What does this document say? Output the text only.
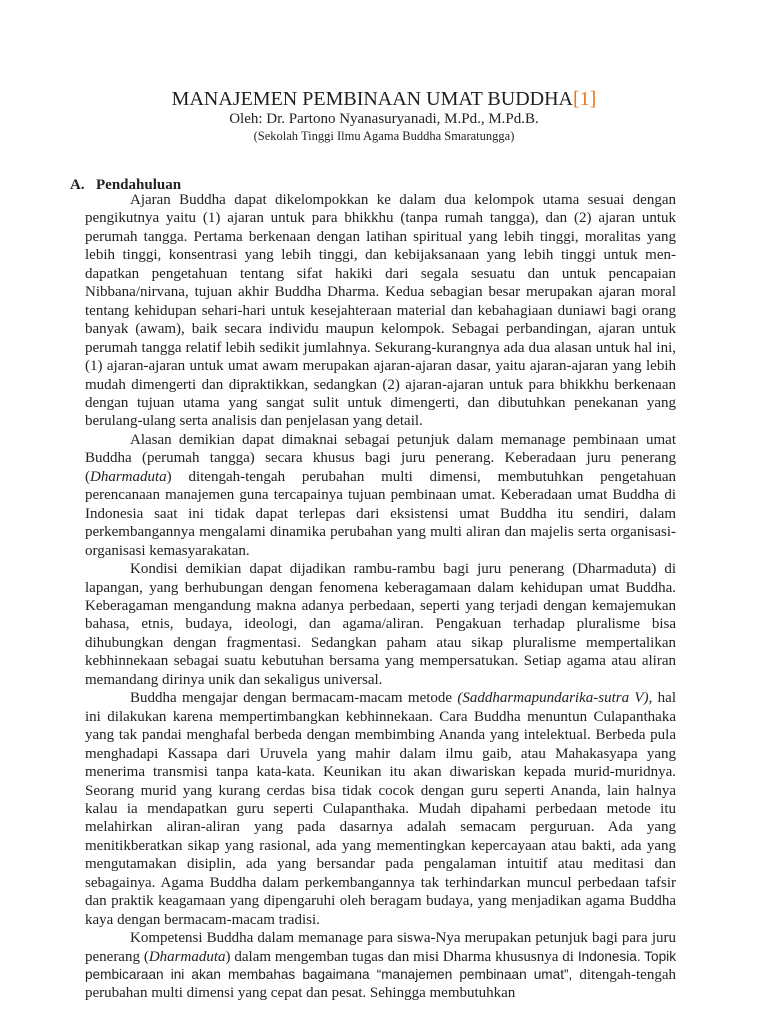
MANAJEMEN PEMBINAAN UMAT BUDDHA[1]
Oleh: Dr. Partono Nyanasuryanadi, M.Pd., M.Pd.B.
(Sekolah Tinggi Ilmu Agama Buddha Smaratungga)
A. Pendahuluan

Ajaran Buddha dapat dikelompokkan ke dalam dua kelompok utama sesuai dengan pengikutnya yaitu (1) ajaran untuk para bhikkhu (tanpa rumah tangga), dan (2) ajaran untuk perumah tangga. Pertama berkenaan dengan latihan spiritual yang lebih tinggi, moralitas yang lebih tinggi, konsentrasi yang lebih tinggi, dan kebijaksanaan yang lebih tinggi untuk men-dapatkan pengetahuan tentang sifat hakiki dari segala sesuatu dan untuk pencapaian Nibbana/nirvana, tujuan akhir Buddha Dharma. Kedua sebagian besar merupakan ajaran moral tentang kehidupan sehari-hari untuk kesejahteraan material dan kebahagiaan duniawi bagi orang banyak (awam), baik secara individu maupun kelompok. Sebagai perbandingan, ajaran untuk perumah tangga relatif lebih sedikit jumlahnya. Sekurang-kurangnya ada dua alasan untuk hal ini, (1) ajaran-ajaran untuk umat awam merupakan ajaran-ajaran dasar, yaitu ajaran-ajaran yang lebih mudah dimengerti dan dipraktikkan, sedangkan (2) ajaran-ajaran untuk para bhikkhu berkenaan dengan tujuan utama yang sangat sulit untuk dimengerti, dan dibutuhkan penekanan yang berulang-ulang serta analisis dan penjelasan yang detail.

Alasan demikian dapat dimaknai sebagai petunjuk dalam memanage pembinaan umat Buddha (perumah tangga) secara khusus bagi juru penerang. Keberadaan juru penerang (Dharmaduta) ditengah-tengah perubahan multi dimensi, membutuhkan pengetahuan perencanaan manajemen guna tercapainya tujuan pembinaan umat. Keberadaan umat Buddha di Indonesia saat ini tidak dapat terlepas dari eksistensi umat Buddha itu sendiri, dalam perkembangannya mengalami dinamika perubahan yang multi aliran dan majelis serta organisasi-organisasi kemasyarakatan.

Kondisi demikian dapat dijadikan rambu-rambu bagi juru penerang (Dharmaduta) di lapangan, yang berhubungan dengan fenomena keberagamaan dalam kehidupan umat Buddha. Keberagaman mengandung makna adanya perbedaan, seperti yang terjadi dengan kemajemukan bahasa, etnis, budaya, ideologi, dan agama/aliran. Pengakuan terhadap pluralisme bisa dihubungkan dengan fragmentasi. Sedangkan paham atau sikap pluralisme mempertalikan kebhinnekaan sebagai suatu kebutuhan bersama yang mempersatukan. Setiap agama atau aliran memandang dirinya unik dan sekaligus universal.

Buddha mengajar dengan bermacam-macam metode (Saddharmapundarika-sutra V), hal ini dilakukan karena mempertimbangkan kebhinnekaan. Cara Buddha menuntun Culapanthaka yang tak pandai menghafal berbeda dengan membimbing Ananda yang intelektual. Berbeda pula menghadapi Kassapa dari Uruvela yang mahir dalam ilmu gaib, atau Mahakasyapa yang menerima transmisi tanpa kata-kata. Keunikan itu akan diwariskan kepada murid-muridnya. Seorang murid yang kurang cerdas bisa tidak cocok dengan guru seperti Ananda, lain halnya kalau ia mendapatkan guru seperti Culapanthaka. Mudah dipahami perbedaan metode itu melahirkan aliran-aliran yang pada dasarnya adalah semacam perguruan. Ada yang menitikberatkan sikap yang rasional, ada yang mementingkan kepercayaan atau bakti, ada yang mengutamakan disiplin, ada yang bersandar pada pengalaman intuitif atau meditasi dan sebagainya. Agama Buddha dalam perkembangannya tak terhindarkan muncul perbedaan tafsir dan praktik keagamaan yang dipengaruhi oleh beragam budaya, yang menjadikan agama Buddha kaya dengan bermacam-macam tradisi.

Kompetensi Buddha dalam memanage para siswa-Nya merupakan petunjuk bagi para juru penerang (Dharmaduta) dalam mengemban tugas dan misi Dharma khususnya di Indonesia. Topik pembicaraan ini akan membahas bagaimana “manajemen pembinaan umat”, ditengah-tengah perubahan multi dimensi yang cepat dan pesat. Sehingga membutuhkan
